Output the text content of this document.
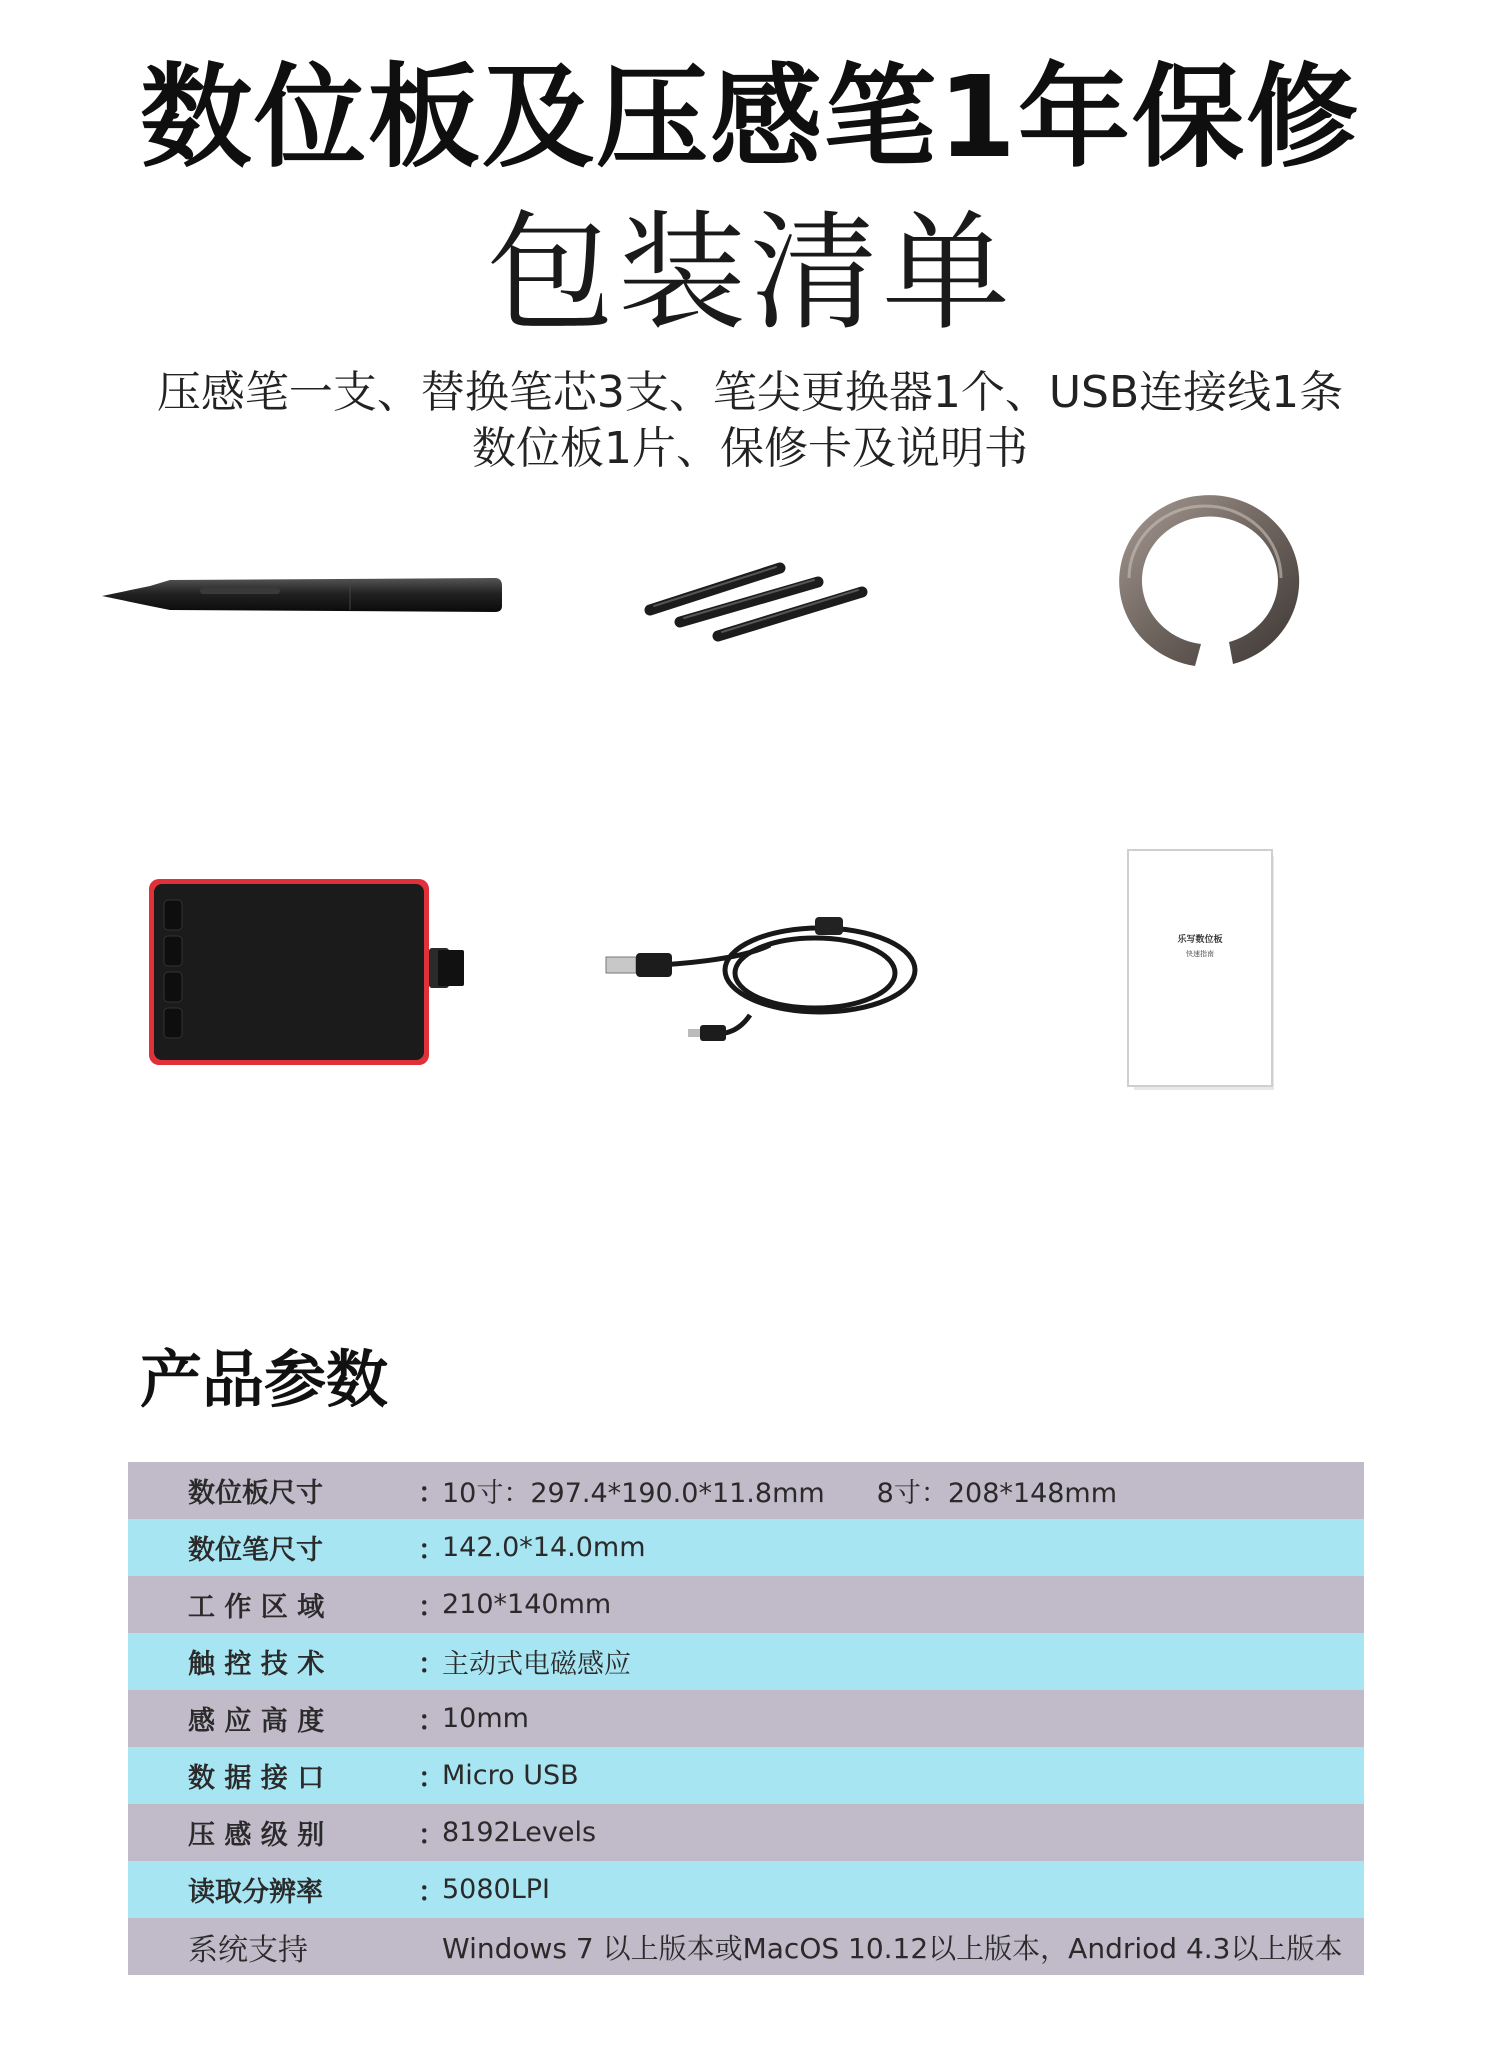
数位板及压感笔1年保修
包装清单
压感笔一支、替换笔芯3支、笔尖更换器1个、USB连接线1条
数位板1片、保修卡及说明书
乐写数位板
快速指南
产品参数
数位板尺寸	：
10寸：297.4*190.0*11.8mm 8寸：208*148mm
数位笔尺寸	：
142.0*14.0mm
工 作 区 域	：
210*140mm
触 控 技 术	：
主动式电磁感应
感 应 高 度	：
10mm
数 据 接 口	：
Micro USB
压 感 级 别	：
8192Levels
读取分辨率	：
5080LPI
系统支持	Windows 7 以上版本或MacOS 10.12以上版本，Andriod 4.3以上版本
